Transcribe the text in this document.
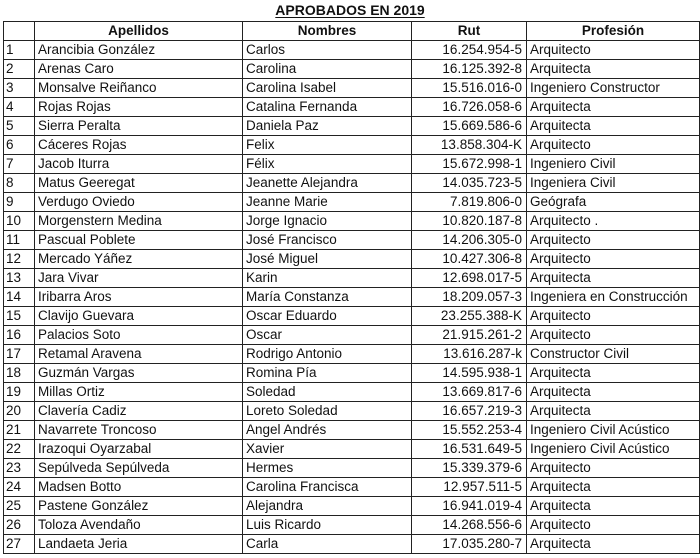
APROBADOS EN 2019
	Apellidos	Nombres	Rut	Profesión
1	Arancibia González	Carlos	16.254.954-5	Arquitecto
2	Arenas Caro	Carolina	16.125.392-8	Arquitecta
3	Monsalve Reiñanco	Carolina Isabel	15.516.016-0	Ingeniero Constructor
4	Rojas Rojas	Catalina Fernanda	16.726.058-6	Arquitecta
5	Sierra Peralta	Daniela Paz	15.669.586-6	Arquitecta
6	Cáceres Rojas	Felix	13.858.304-K	Arquitecto
7	Jacob Iturra	Félix	15.672.998-1	Ingeniero Civil
8	Matus Geeregat	Jeanette Alejandra	14.035.723-5	Ingeniera Civil
9	Verdugo Oviedo	Jeanne Marie	7.819.806-0	Geógrafa
10	Morgenstern Medina	Jorge Ignacio	10.820.187-8	Arquitecto .
11	Pascual Poblete	José Francisco	14.206.305-0	Arquitecto
12	Mercado Yáñez	José Miguel	10.427.306-8	Arquitecto
13	Jara Vivar	Karin	12.698.017-5	Arquitecta
14	Iribarra Aros	María Constanza	18.209.057-3	Ingeniera en Construcción
15	Clavijo Guevara	Oscar Eduardo	23.255.388-K	Arquitecto
16	Palacios Soto	Oscar	21.915.261-2	Arquitecto
17	Retamal Aravena	Rodrigo Antonio	13.616.287-k	Constructor Civil
18	Guzmán Vargas	Romina Pía	14.595.938-1	Arquitecta
19	Millas Ortiz	Soledad	13.669.817-6	Arquitecta
20	Clavería Cadiz	Loreto Soledad	16.657.219-3	Arquitecta
21	Navarrete Troncoso	Angel Andrés	15.552.253-4	Ingeniero Civil Acústico
22	Irazoqui Oyarzabal	Xavier	16.531.649-5	Ingeniero Civil Acústico
23	Sepúlveda Sepúlveda	Hermes	15.339.379-6	Arquitecto
24	Madsen Botto	Carolina Francisca	12.957.511-5	Arquitecta
25	Pastene González	Alejandra	16.941.019-4	Arquitecta
26	Toloza Avendaño	Luis Ricardo	14.268.556-6	Arquitecto
27	Landaeta Jeria	Carla	17.035.280-7	Arquitecta
